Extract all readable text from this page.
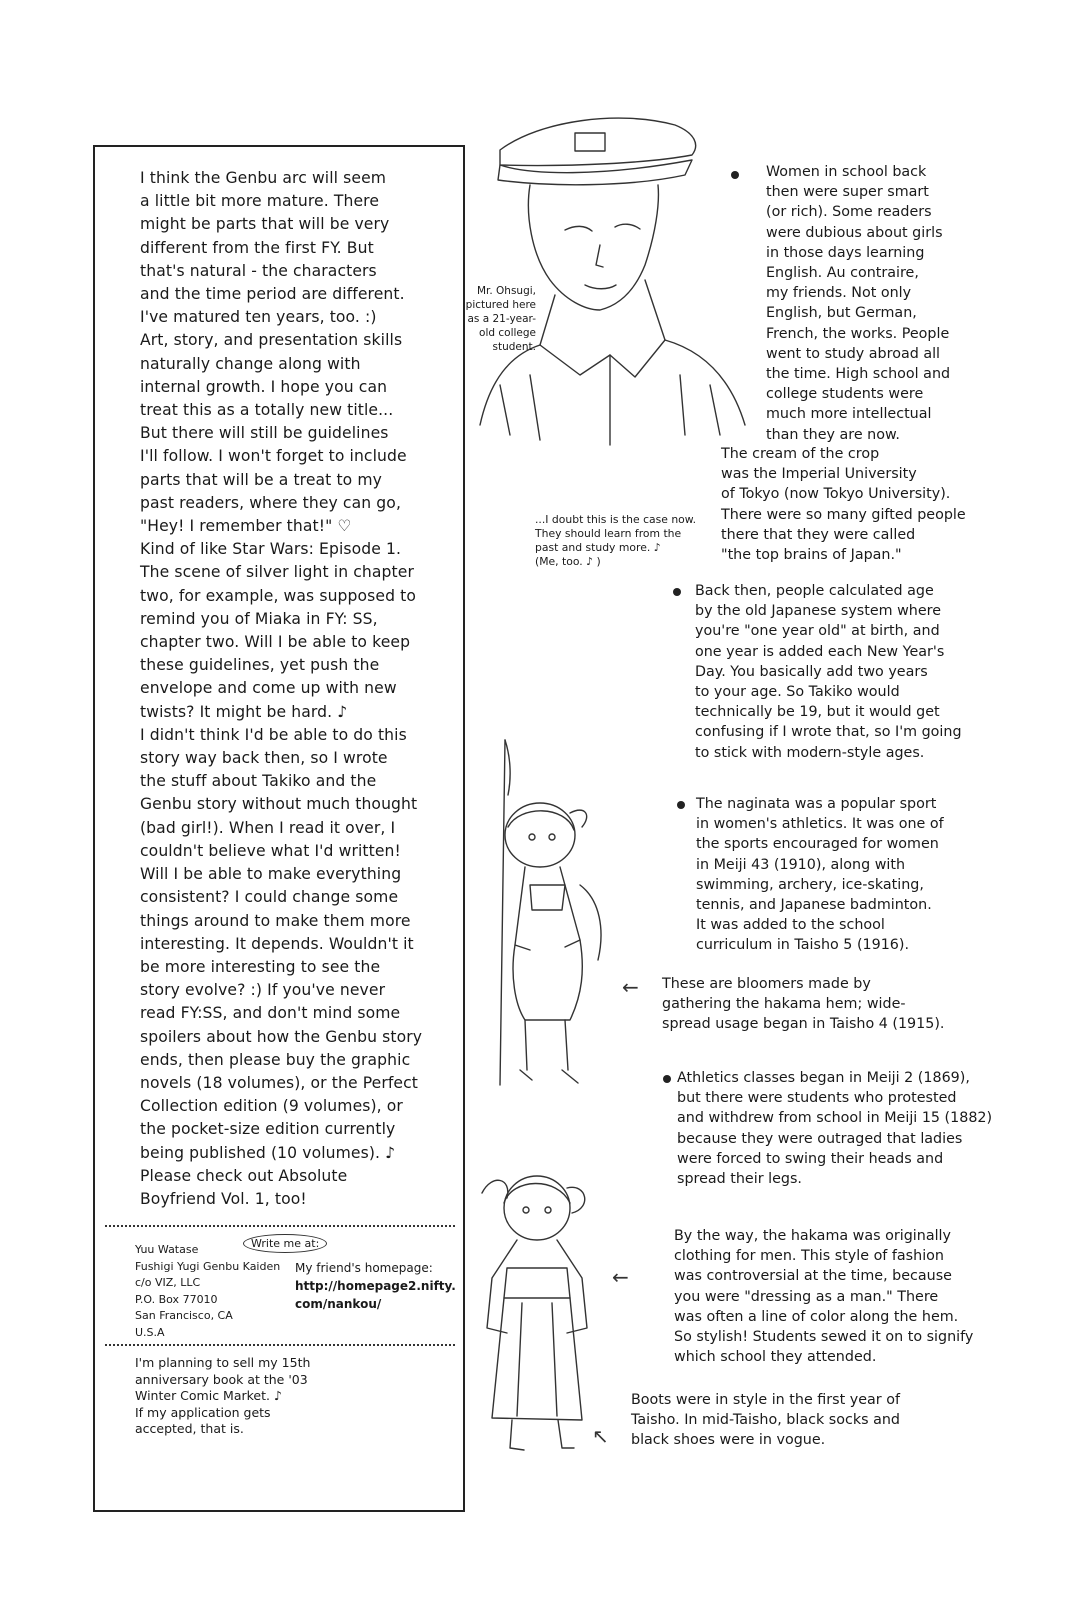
I think the Genbu arc will seem

a little bit more mature. There

might be parts that will be very

different from the first FY. But

that's natural - the characters

and the time period are different.

I've matured ten years, too. :)

Art, story, and presentation skills

naturally change along with

internal growth. I hope you can

treat this as a totally new title...

But there will still be guidelines

I'll follow. I won't forget to include

parts that will be a treat to my

past readers, where they can go,

"Hey! I remember that!" ♡

Kind of like Star Wars: Episode 1.

The scene of silver light in chapter

two, for example, was supposed to

remind you of Miaka in FY: SS,

chapter two. Will I be able to keep

these guidelines, yet push the

envelope and come up with new

twists? It might be hard. ♪

I didn't think I'd be able to do this

story way back then, so I wrote

the stuff about Takiko and the

Genbu story without much thought

(bad girl!). When I read it over, I

couldn't believe what I'd written!

Will I be able to make everything

consistent? I could change some

things around to make them more

interesting. It depends. Wouldn't it

be more interesting to see the

story evolve? :) If you've never

read FY:SS, and don't mind some

spoilers about how the Genbu story

ends, then please buy the graphic

novels (18 volumes), or the Perfect

Collection edition (9 volumes), or

the pocket-size edition currently

being published (10 volumes). ♪

Please check out Absolute

Boyfriend Vol. 1, too!

Write me at:
Yuu Watase
Fushigi Yugi Genbu Kaiden
c/o VIZ, LLC
P.O. Box 77010
San Francisco, CA
U.S.A
My friend's homepage:
http://homepage2.nifty.
com/nankou/
I'm planning to sell my 15th
anniversary book at the '03
Winter Comic Market. ♪
If my application gets
accepted, that is.
Mr. Ohsugi,
pictured here
as a 21-year-
old college
student.
Women in school back
then were super smart
(or rich). Some readers
were dubious about girls
in those days learning
English. Au contraire,
my friends. Not only
English, but German,
French, the works. People
went to study abroad all
the time. High school and
college students were
much more intellectual
than they are now.
The cream of the crop
was the Imperial University
of Tokyo (now Tokyo University).
There were so many gifted people
there that they were called
"the top brains of Japan."
...I doubt this is the case now.
They should learn from the
past and study more. ♪
(Me, too. ♪ )
Back then, people calculated age
by the old Japanese system where
you're "one year old" at birth, and
one year is added each New Year's
Day. You basically add two years
to your age. So Takiko would
technically be 19, but it would get
confusing if I wrote that, so I'm going
to stick with modern-style ages.
←
The naginata was a popular sport
in women's athletics. It was one of
the sports encouraged for women
in Meiji 43 (1910), along with
swimming, archery, ice-skating,
tennis, and Japanese badminton.
It was added to the school
curriculum in Taisho 5 (1916).
These are bloomers made by
gathering the hakama hem; wide-
spread usage began in Taisho 4 (1915).
Athletics classes began in Meiji 2 (1869),
but there were students who protested
and withdrew from school in Meiji 15 (1882)
because they were outraged that ladies
were forced to swing their heads and
spread their legs.
←
↖
By the way, the hakama was originally
clothing for men. This style of fashion
was controversial at the time, because
you were "dressing as a man." There
was often a line of color along the hem.
So stylish! Students sewed it on to signify
which school they attended.
Boots were in style in the first year of
Taisho. In mid-Taisho, black socks and
black shoes were in vogue.
